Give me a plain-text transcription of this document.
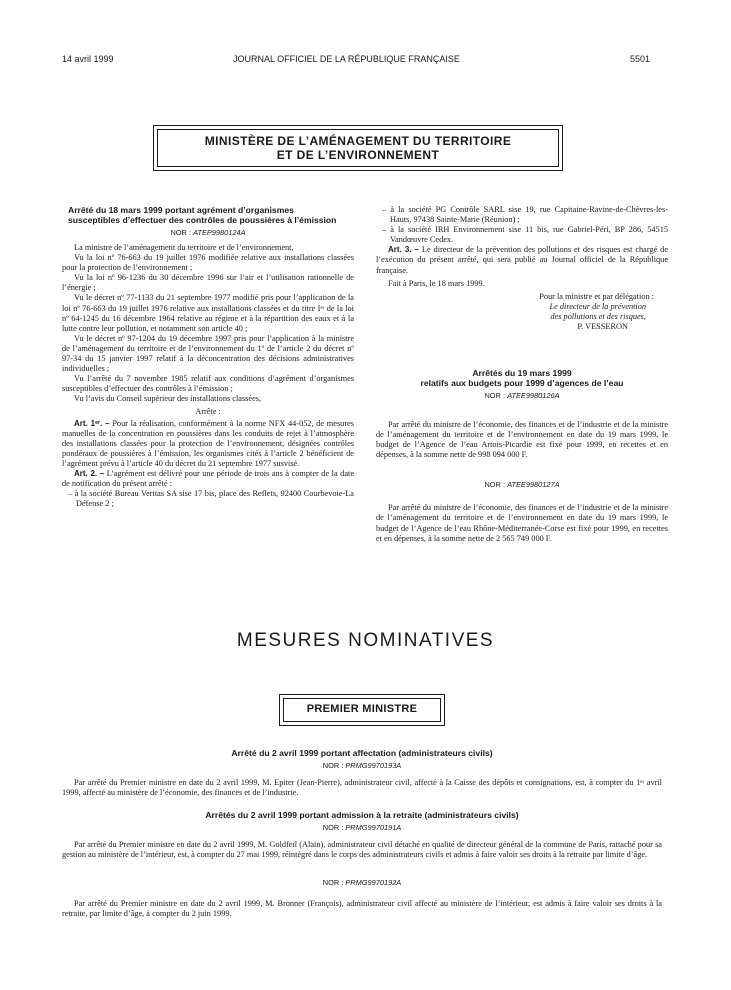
14 avril 1999	JOURNAL OFFICIEL DE LA RÉPUBLIQUE FRANÇAISE	5501
MINISTÈRE DE L’AMÉNAGEMENT DU TERRITOIRE
ET DE L’ENVIRONNEMENT
Arrêté du 18 mars 1999 portant agrément d’organismes susceptibles d’effectuer des contrôles de poussières à l’émission
NOR : ATEP9980124A

La ministre de l’aménagement du territoire et de l’environnement,

Vu la loi nº 76-663 du 19 juillet 1976 modifiée relative aux installations classées pour la protection de l’environnement ;

Vu la loi nº 96-1236 du 30 décembre 1996 sur l’air et l’utilisation rationnelle de l’énergie ;

Vu le décret nº 77-1133 du 21 septembre 1977 modifié pris pour l’application de la loi nº 76-663 du 19 juillet 1976 relative aux installations classées et du titre Iᵉʳ de la loi nº 64-1245 du 16 décembre 1964 relative au régime et à la répartition des eaux et à la lutte contre leur pollution, et notamment son article 40 ;

Vu le décret nº 97-1204 du 19 décembre 1997 pris pour l’application à la ministre de l’aménagement du territoire et de l’environnement du 1º de l’article 2 du décret nº 97-34 du 15 janvier 1997 relatif à la déconcentration des décisions administratives individuelles ;

Vu l’arrêté du 7 novembre 1985 relatif aux conditions d’agrément d’organismes susceptibles d’effectuer des contrôles à l’émission ;

Vu l’avis du Conseil supérieur des installations classées,

Arrête :

Art. 1ᵉʳ. – Pour la réalisation, conformément à la norme NFX 44-052, de mesures manuelles de la concentration en poussières dans les conduits de rejet à l’atmosphère des installations classées pour la protection de l’environnement, désignées contrôles pondéraux de poussières à l’émission, les organismes cités à l’article 2 bénéficient de l’agrément prévu à l’article 40 du décret du 21 septembre 1977 susvisé.

Art. 2. – L’agrément est délivré pour une période de trois ans à compter de la date de notification du présent arrêté :

– à la société Bureau Veritas SA sise 17 bis, place des Reflets, 92400 Courbevoie-La Défense 2 ;

– à la société PG Contrôle SARL sise 19, rue Capitaine-Ravine-de-Chèvres-les-Hauts, 97438 Sainte-Marie (Réunion) ;

– à la société IRH Environnement sise 11 bis, rue Gabriel-Péri, BP 286, 54515 Vandœuvre Cedex.

Art. 3. – Le directeur de la prévention des pollutions et des risques est chargé de l’exécution du présent arrêté, qui sera publié au Journal officiel de la République française.

Fait à Paris, le 18 mars 1999.

Pour la ministre et par délégation :

Le directeur de la prévention

des pollutions et des risques,

P. VESSERON

Arrêtés du 19 mars 1999
relatifs aux budgets pour 1999 d’agences de l’eau
NOR : ATEE9980126A

Par arrêté du ministre de l’économie, des finances et de l’industrie et de la ministre de l’aménagement du territoire et de l’environnement en date du 19 mars 1999, le budget de l’Agence de l’eau Artois-Picardie est fixé pour 1999, en recettes et en dépenses, à la somme nette de 998 094 000 F.

NOR : ATEE9980127A

Par arrêté du ministre de l’économie, des finances et de l’industrie et de la ministre de l’aménagement du territoire et de l’environnement en date du 19 mars 1999, le budget de l’Agence de l’eau Rhône-Méditerranée-Corse est fixé pour 1999, en recettes et en dépenses, à la somme nette de 2 565 749 000 F.

MESURES NOMINATIVES
PREMIER MINISTRE
Arrêté du 2 avril 1999 portant affectation (administrateurs civils)
NOR : PRMG9970193A

Par arrêté du Premier ministre en date du 2 avril 1999, M. Epiter (Jean-Pierre), administrateur civil, affecté à la Caisse des dépôts et consignations, est, à compter du 1ᵉʳ avril 1999, affecté au ministère de l’économie, des finances et de l’industrie.

Arrêtés du 2 avril 1999 portant admission à la retraite (administrateurs civils)
NOR : PRMG9970191A

Par arrêté du Premier ministre en date du 2 avril 1999, M. Goldfeil (Alain), administrateur civil détaché en qualité de directeur général de la commune de Paris, rattaché pour sa gestion au ministère de l’intérieur, est, à compter du 27 mai 1999, réintégré dans le corps des administrateurs civils et admis à faire valoir ses droits à la retraite par limite d’âge.

NOR : PRMG9970192A

Par arrêté du Premier ministre en date du 2 avril 1999, M. Bronner (François), administrateur civil affecté au ministère de l’intérieur, est admis à faire valoir ses droits à la retraite, par limite d’âge, à compter du 2 juin 1999.
